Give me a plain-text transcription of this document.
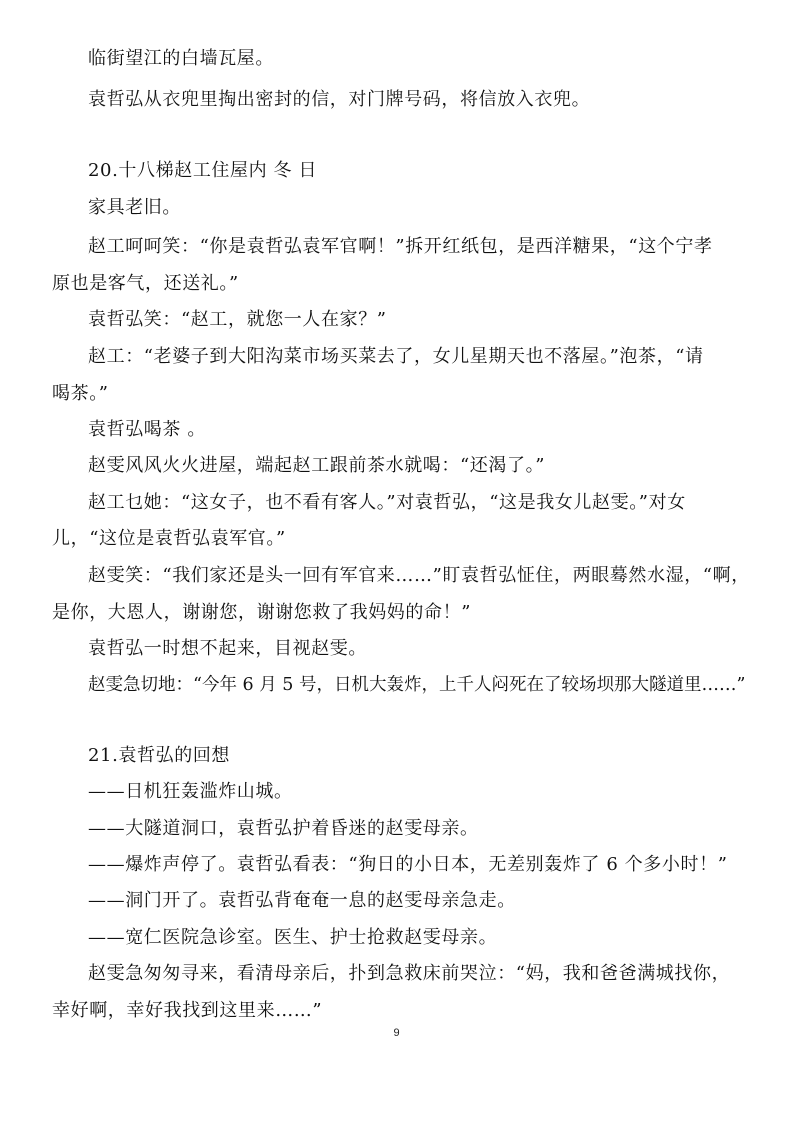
临街望江的白墙瓦屋。
袁哲弘从衣兜里掏出密封的信，对门牌号码，将信放入衣兜。
20.十八梯赵工住屋内 冬 日
家具老旧。
赵工呵呵笑：“你是袁哲弘袁军官啊！”拆开红纸包，是西洋糖果，“这个宁孝
原也是客气，还送礼。”
袁哲弘笑：“赵工，就您一人在家？”
赵工：“老婆子到大阳沟菜市场买菜去了，女儿星期天也不落屋。”泡茶，“请
喝茶。”
袁哲弘喝茶 。
赵雯风风火火进屋，端起赵工跟前茶水就喝：“还渴了。”
赵工乜她：“这女子，也不看有客人。”对袁哲弘，“这是我女儿赵雯。”对女
儿，“这位是袁哲弘袁军官。”
赵雯笑：“我们家还是头一回有军官来……”盯袁哲弘怔住，两眼蓦然水湿，“啊，
是你，大恩人，谢谢您，谢谢您救了我妈妈的命！”
袁哲弘一时想不起来，目视赵雯。
赵雯急切地：“今年 6 月 5 号，日机大轰炸，上千人闷死在了较场坝那大隧道里……”
21.袁哲弘的回想
——日机狂轰滥炸山城。
——大隧道洞口，袁哲弘护着昏迷的赵雯母亲。
——爆炸声停了。袁哲弘看表：“狗日的小日本，无差别轰炸了 6 个多小时！”
——洞门开了。袁哲弘背奄奄一息的赵雯母亲急走。
——宽仁医院急诊室。医生、护士抢救赵雯母亲。
赵雯急匆匆寻来，看清母亲后，扑到急救床前哭泣：“妈，我和爸爸满城找你，
幸好啊，幸好我找到这里来……”
9
